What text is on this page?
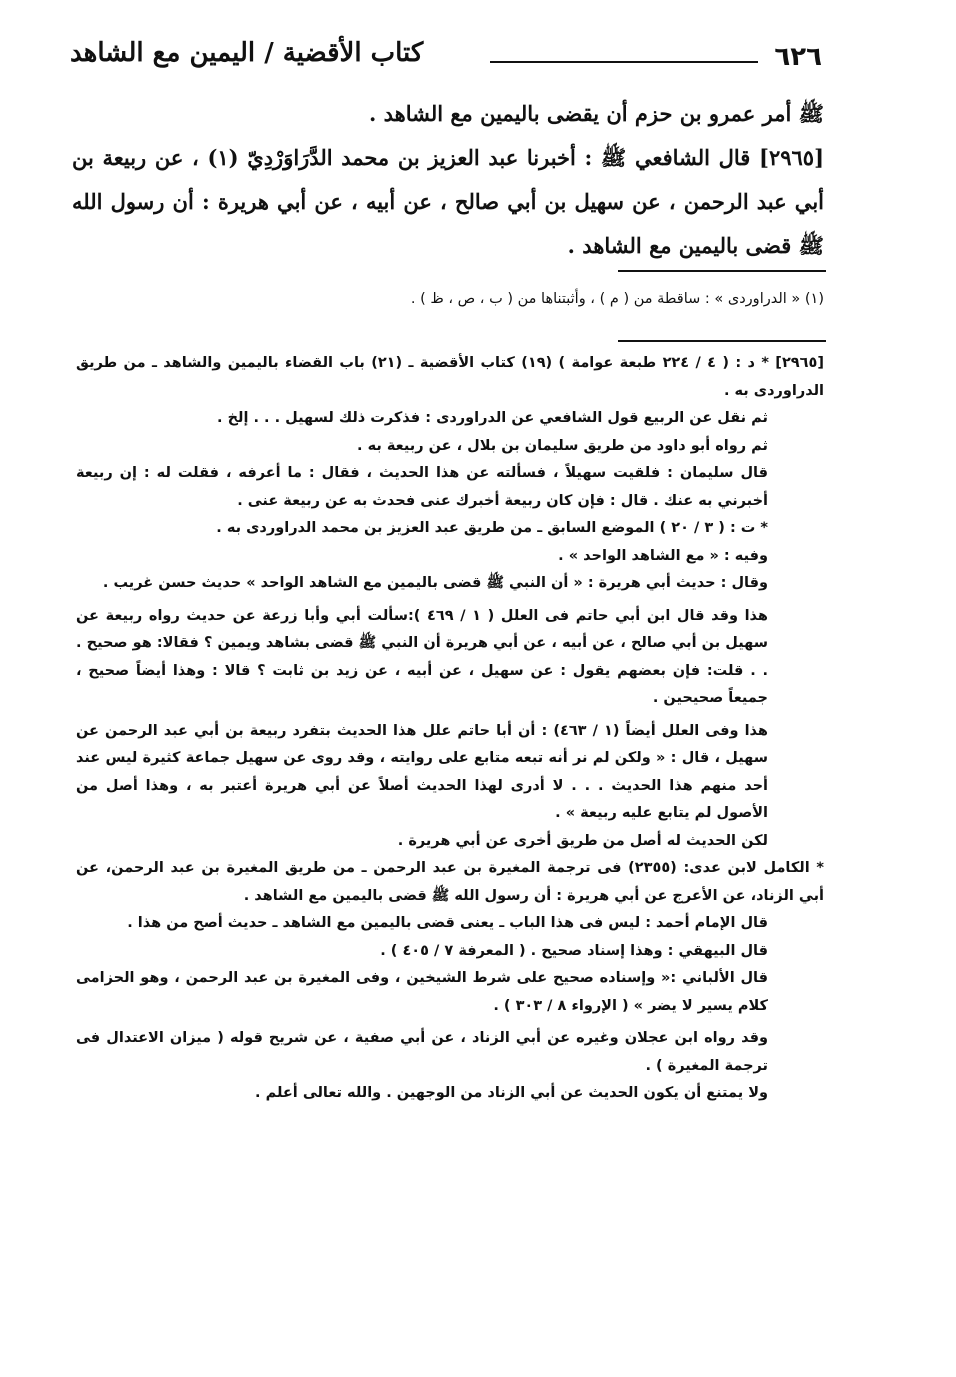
٦٢٦
كتاب الأقضية / اليمين مع الشاهد

ﷺ أمر عمرو بن حزم أن يقضى باليمين مع الشاهد .

[٢٩٦٥] قال الشافعي ﷺ : أخبرنا عبد العزيز بن محمد الدَّرَاوَرْدِيّ (١) ، عن ربيعة بن أبي عبد الرحمن ، عن سهيل بن أبي صالح ، عن أبيه ، عن أبي هريرة : أن رسول الله ﷺ قضى باليمين مع الشاهد .

(١) « الدراوردى » : ساقطة من ( م ) ، وأثبتناها من ( ب ، ص ، ظ ) .

[٢٩٦٥] * د : ( ٤ / ٢٢٤ طبعة عوامة ) (١٩) كتاب الأقضية ـ (٢١) باب القضاء باليمين والشاهد ـ من طريق الدراوردى به .

ثم نقل عن الربيع قول الشافعي عن الدراوردى : فذكرت ذلك لسهيل . . . إلخ .

ثم رواه أبو داود من طريق سليمان بن بلال ، عن ربيعة به .

قال سليمان : فلقيت سهيلاً ، فسألته عن هذا الحديث ، فقال : ما أعرفه ، فقلت له : إن ربيعة أخبرني به عنك . قال : فإن كان ربيعة أخبرك عنى فحدث به عن ربيعة عنى .

* ت : ( ٣ / ٢٠ ) الموضع السابق ـ من طريق عبد العزيز بن محمد الدراوردى به .

وفيه : « مع الشاهد الواحد » .

وقال : حديث أبي هريرة : « أن النبي ﷺ قضى باليمين مع الشاهد الواحد » حديث حسن غريب .

هذا وقد قال ابن أبي حاتم فى العلل ( ١ / ٤٦٩ ):سألت أبي وأبا زرعة عن حديث رواه ربيعة عن سهيل بن أبي صالح ، عن أبيه ، عن أبي هريرة أن النبي ﷺ قضى بشاهد ويمين ؟ فقالا: هو صحيح . . . قلت: فإن بعضهم يقول : عن سهيل ، عن أبيه ، عن زيد بن ثابت ؟ قالا : وهذا أيضاً صحيح ، جميعاً صحيحين .

هذا وفى العلل أيضاً (١ / ٤٦٣) : أن أبا حاتم علل هذا الحديث بتفرد ربيعة بن أبي عبد الرحمن عن سهيل ، قال : « ولكن لم نر أنه تبعه متابع على روايته ، وقد روى عن سهيل جماعة كثيرة ليس عند أحد منهم هذا الحديث . . . لا أدرى لهذا الحديث أصلاً عن أبي هريرة أعتبر به ، وهذا أصل من الأصول لم يتابع عليه ربيعة » .

لكن الحديث له أصل من طريق أخرى عن أبي هريرة .

* الكامل لابن عدى: (٢٣٥٥) فى ترجمة المغيرة بن عبد الرحمن ـ من طريق المغيرة بن عبد الرحمن، عن أبي الزناد، عن الأعرج عن أبي هريرة : أن رسول الله ﷺ قضى باليمين مع الشاهد .

قال الإمام أحمد : ليس فى هذا الباب ـ يعنى قضى باليمين مع الشاهد ـ حديث أصح من هذا .

قال البيهقي : وهذا إسناد صحيح . ( المعرفة ٧ / ٤٠٥ ) .

قال الألباني :« وإسناده صحيح على شرط الشيخين ، وفى المغيرة بن عبد الرحمن ، وهو الحزامى كلام يسير لا يضر » ( الإرواء ٨ / ٣٠٣ ) .

وقد رواه ابن عجلان وغيره عن أبي الزناد ، عن أبي صفية ، عن شريح قوله ( ميزان الاعتدال فى ترجمة المغيرة ) .

ولا يمتنع أن يكون الحديث عن أبي الزناد من الوجهين . والله تعالى أعلم .
